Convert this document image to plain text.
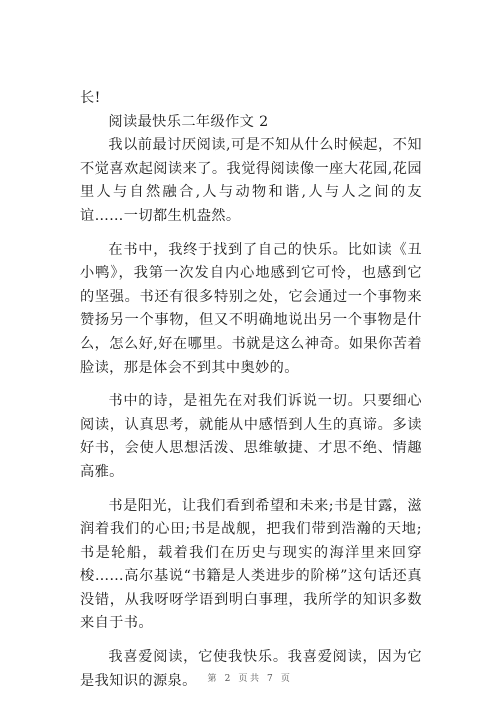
长!

阅读最快乐二年级作文 2

我以前最讨厌阅读,可是不知从什么时候起，不知不觉喜欢起阅读来了。我觉得阅读像一座大花园,花园里人与自然融合,人与动物和谐,人与人之间的友谊……一切都生机盎然。

在书中，我终于找到了自己的快乐。比如读《丑小鸭》，我第一次发自内心地感到它可怜，也感到它的坚强。书还有很多特别之处，它会通过一个事物来赞扬另一个事物，但又不明确地说出另一个事物是什么，怎么好,好在哪里。书就是这么神奇。如果你苦着脸读，那是体会不到其中奥妙的。

书中的诗，是祖先在对我们诉说一切。只要细心阅读，认真思考，就能从中感悟到人生的真谛。多读好书，会使人思想活泼、思维敏捷、才思不绝、情趣高雅。

书是阳光，让我们看到希望和未来;书是甘露，滋润着我们的心田;书是战舰，把我们带到浩瀚的天地;书是轮船，载着我们在历史与现实的海洋里来回穿梭……高尔基说“书籍是人类进步的阶梯”这句话还真没错，从我呀呀学语到明白事理，我所学的知识多数来自于书。

我喜爱阅读，它使我快乐。我喜爱阅读，因为它是我知识的源泉。	第 2 页共 7 页
